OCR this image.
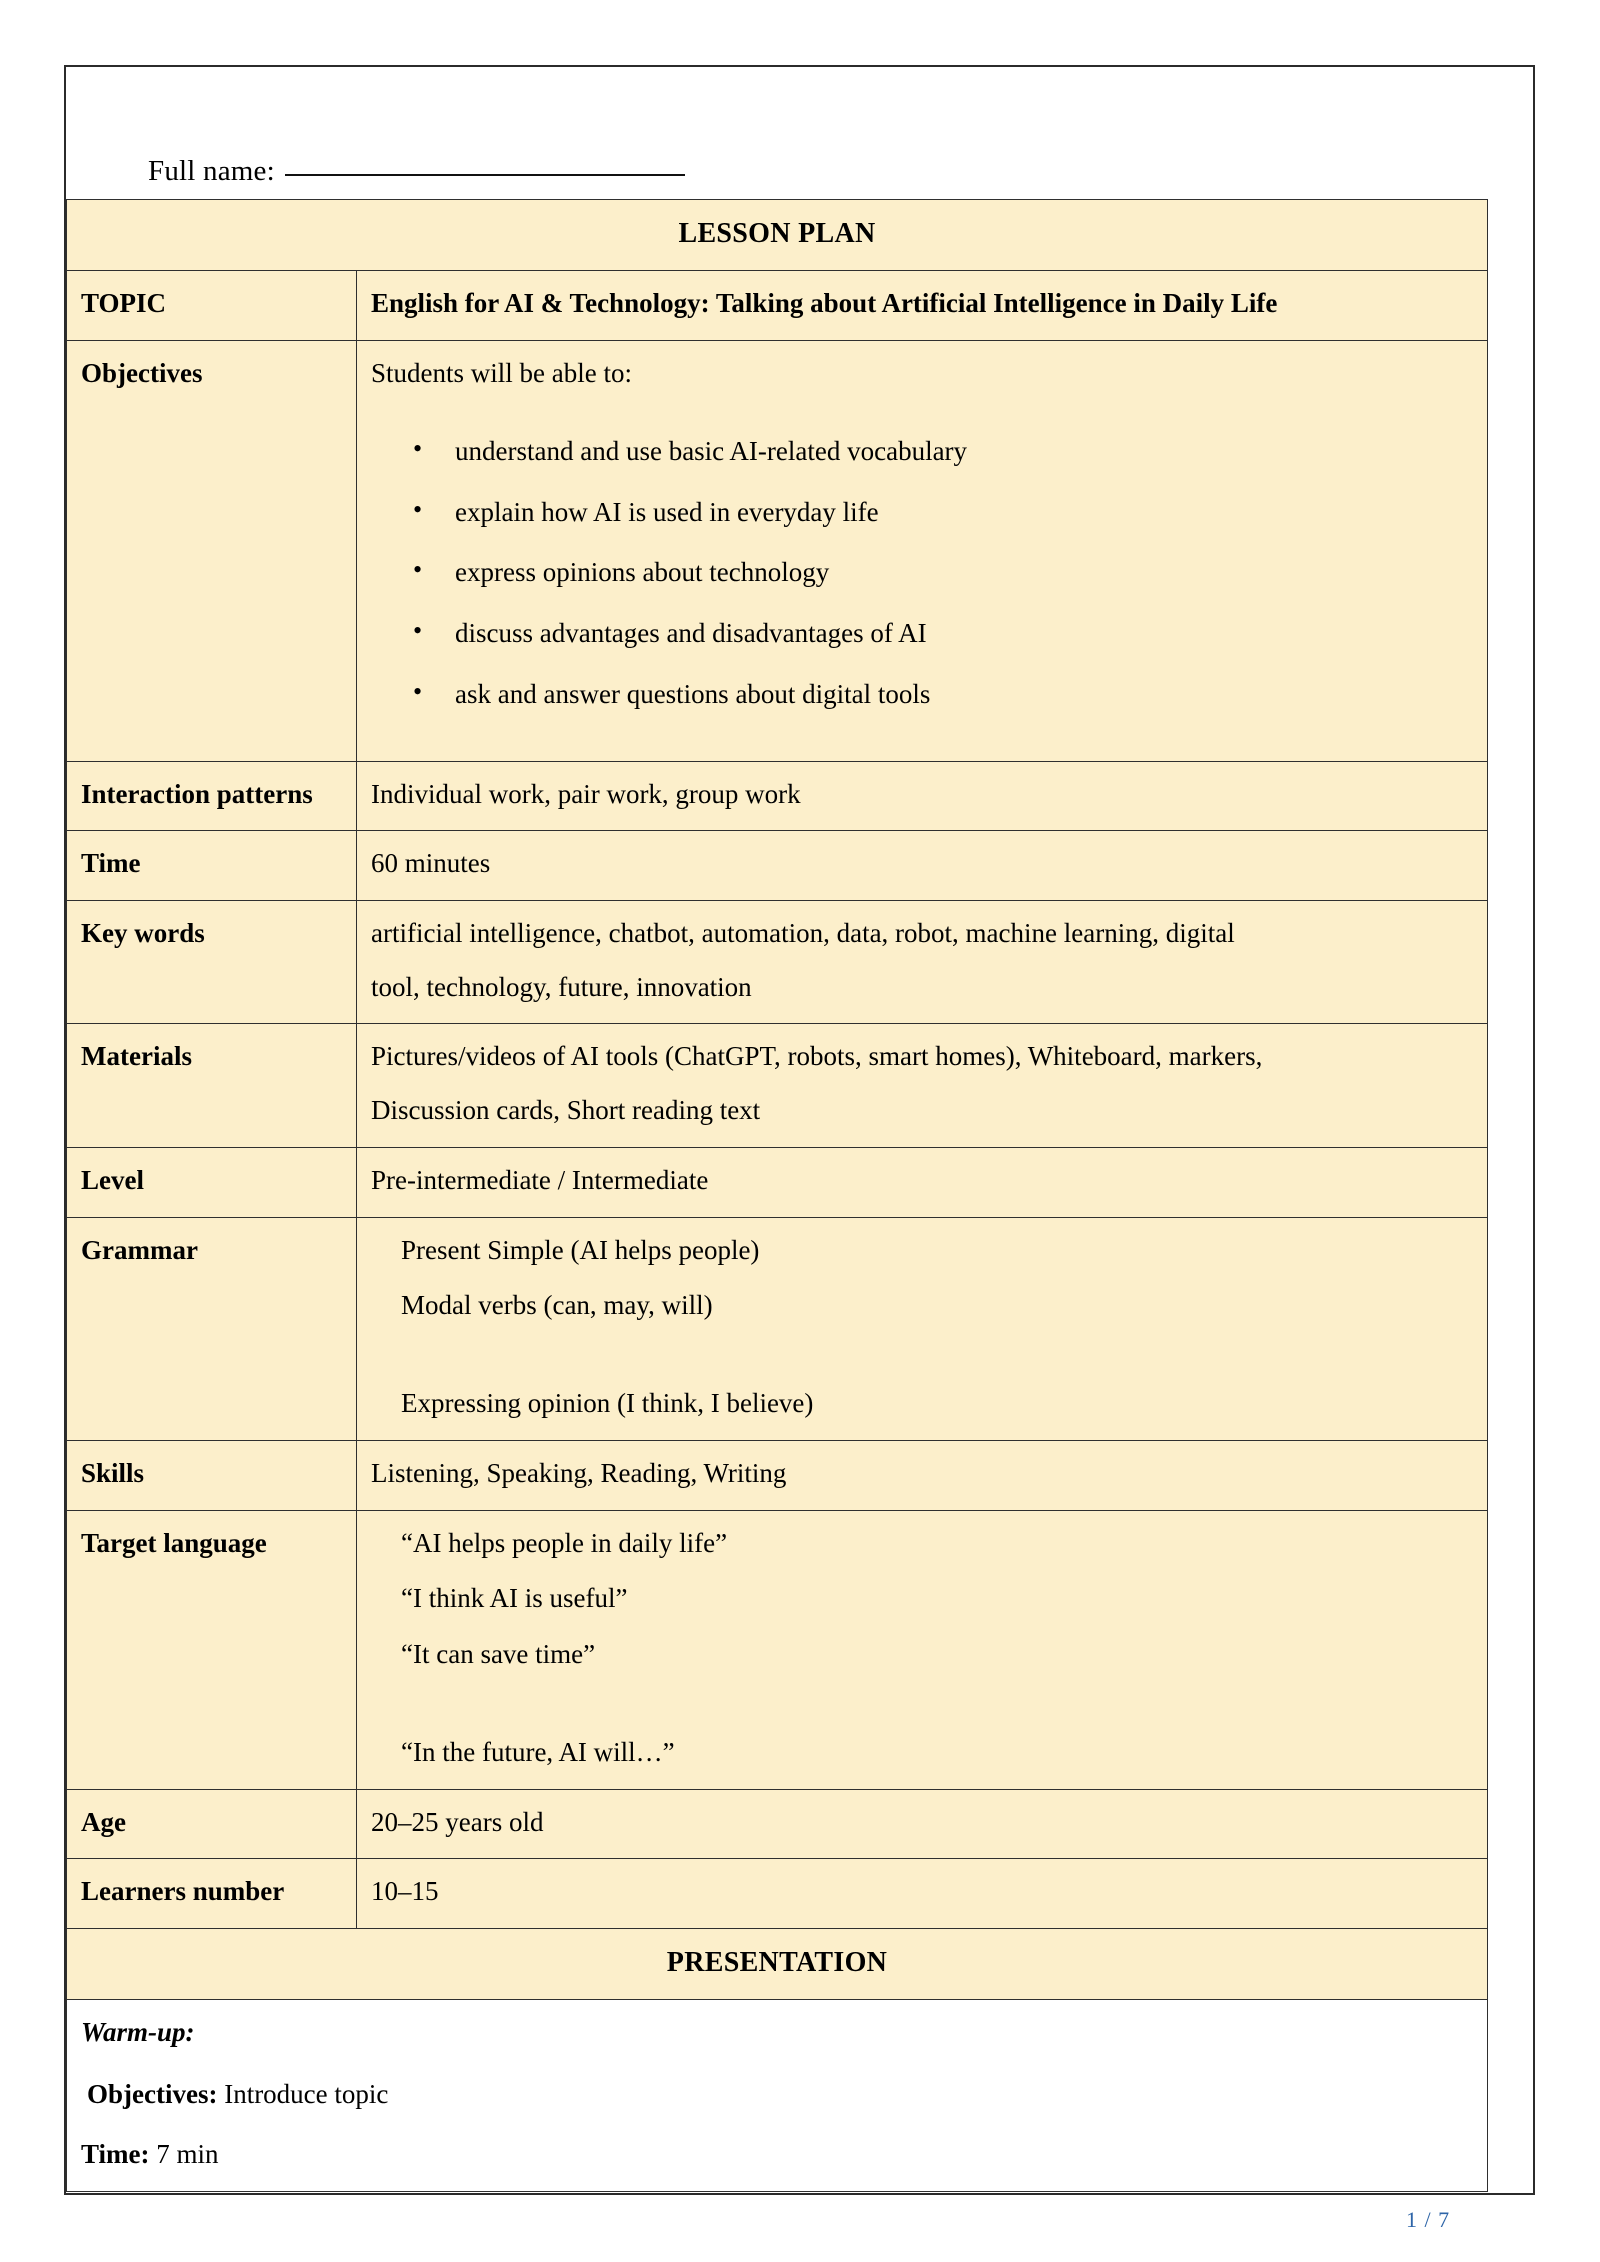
Full name:
LESSON PLAN	
TOPIC	English for AI & Technology: Talking about Artificial Intelligence in Daily Life
Objectives	Students will be able to:
• understand and use basic AI-related vocabulary
• explain how AI is used in everyday life
• express opinions about technology
• discuss advantages and disadvantages of AI
• ask and answer questions about digital tools

Interaction patterns	Individual work, pair work, group work
Time	60 minutes
Key words	artificial intelligence, chatbot, automation, data, robot, machine learning, digital
tool, technology, future, innovation

Materials	Pictures/videos of AI tools (ChatGPT, robots, smart homes), Whiteboard, markers,
Discussion cards, Short reading text

Level	Pre-intermediate / Intermediate
Grammar	Present Simple (AI helps people)
Modal verbs (can, may, will)
Expressing opinion (I think, I believe)

Skills	Listening, Speaking, Reading, Writing
Target language	“AI helps people in daily life”
“I think AI is useful”
“It can save time”
“In the future, AI will…”

Age	20–25 years old
Learners number	10–15
PRESENTATION	

Warm-up:
Objectives: Introduce topic
Time: 7 min	
1 / 7
